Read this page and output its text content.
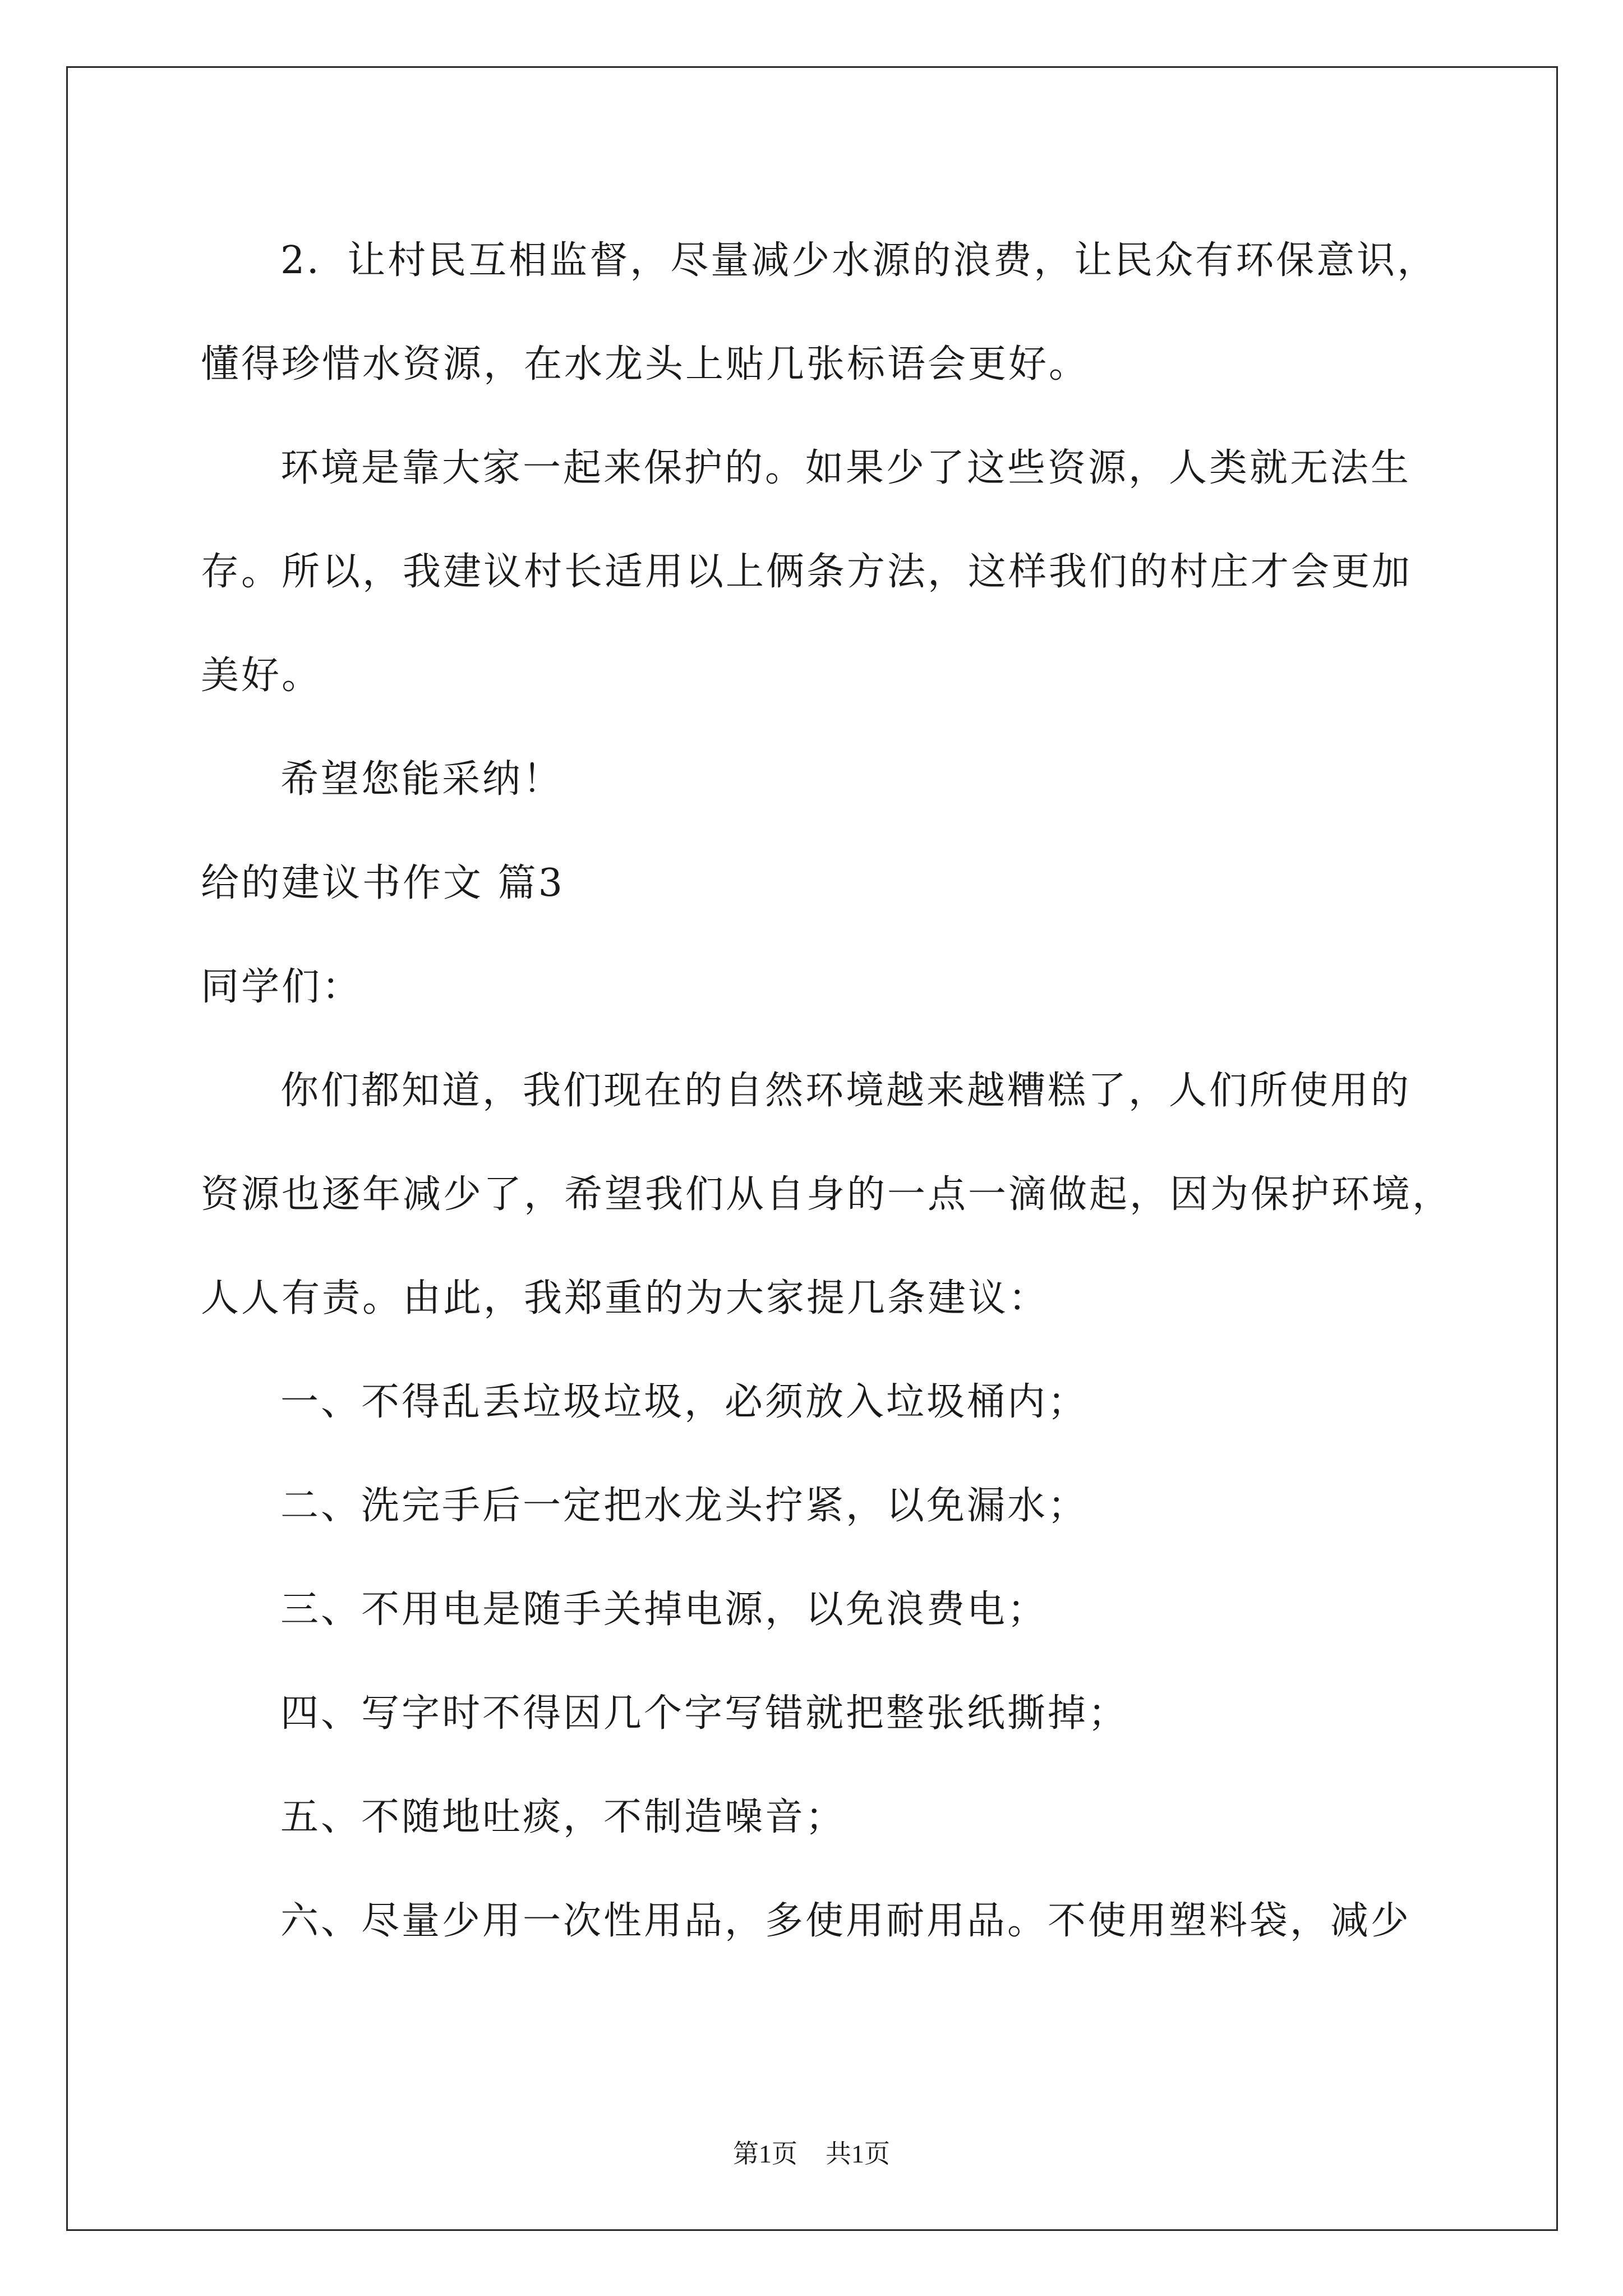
2．让村民互相监督，尽量减少水源的浪费，让民众有环保意识，
懂得珍惜水资源，在水龙头上贴几张标语会更好。
环境是靠大家一起来保护的。如果少了这些资源，人类就无法生
存。所以，我建议村长适用以上俩条方法，这样我们的村庄才会更加
美好。
希望您能采纳！
给的建议书作文 篇3
同学们：
你们都知道，我们现在的自然环境越来越糟糕了，人们所使用的
资源也逐年减少了，希望我们从自身的一点一滴做起，因为保护环境，
人人有责。由此，我郑重的为大家提几条建议：
一、不得乱丢垃圾垃圾，必须放入垃圾桶内；
二、洗完手后一定把水龙头拧紧，以免漏水；
三、不用电是随手关掉电源，以免浪费电；
四、写字时不得因几个字写错就把整张纸撕掉；
五、不随地吐痰，不制造噪音；
六、尽量少用一次性用品，多使用耐用品。不使用塑料袋，减少
第1页 共1页
